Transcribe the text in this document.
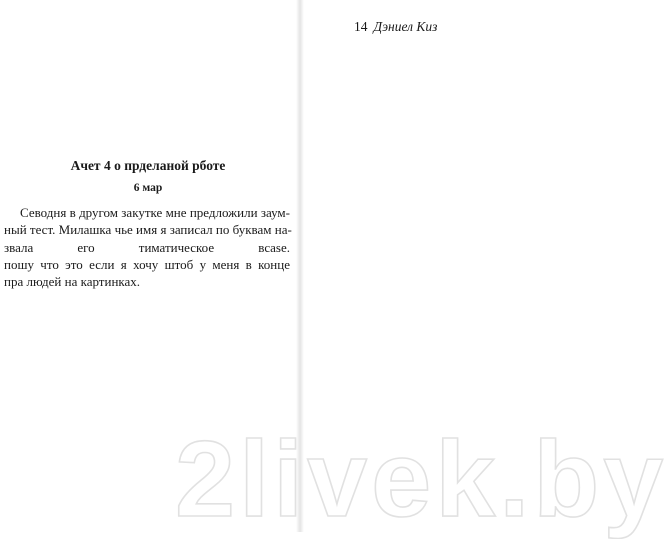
Ачет 4 о прделаной рботе
6 мар
Севодня в другом закутке мне предложили заум-
ный тест. Милашка чье имя я записал по буквам на-
звала его тиматическое вcase.
пошу что это если я хочу штоб у меня в конце
пра людей на картинках.
14 Дэниел Киз
2livek.by
